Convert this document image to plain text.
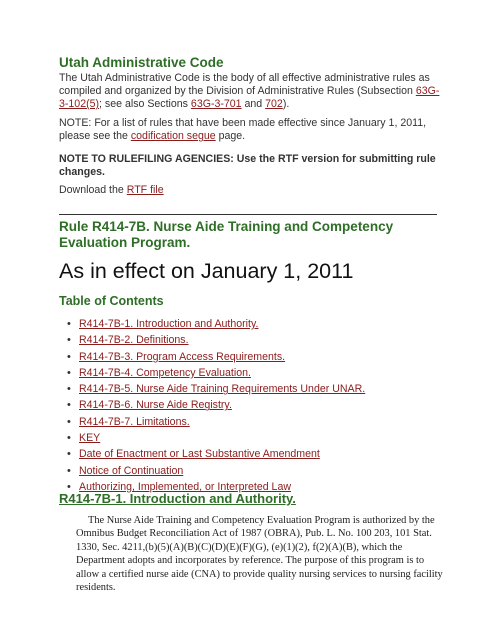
Utah Administrative Code

The Utah Administrative Code is the body of all effective administrative rules as compiled and organized by the Division of Administrative Rules (Subsection 63G-3-102(5); see also Sections 63G-3-701 and 702).

NOTE: For a list of rules that have been made effective since January 1, 2011, please see the codification segue page.

NOTE TO RULEFILING AGENCIES: Use the RTF version for submitting rule changes.

Download the RTF file

Rule R414-7B. Nurse Aide Training and Competency Evaluation Program.
As in effect on January 1, 2011
Table of Contents
• R414-7B-1. Introduction and Authority.
• R414-7B-2. Definitions.
• R414-7B-3. Program Access Requirements.
• R414-7B-4. Competency Evaluation.
• R414-7B-5. Nurse Aide Training Requirements Under UNAR.
• R414-7B-6. Nurse Aide Registry.
• R414-7B-7. Limitations.
• KEY
• Date of Enactment or Last Substantive Amendment
• Notice of Continuation
• Authorizing, Implemented, or Interpreted Law
R414-7B-1. Introduction and Authority.

The Nurse Aide Training and Competency Evaluation Program is authorized by the Omnibus Budget Reconciliation Act of 1987 (OBRA), Pub. L. No. 100 203, 101 Stat. 1330, Sec. 4211,(b)(5)(A)(B)(C)(D)(E)(F)(G), (e)(1)(2), f(2)(A)(B), which the Department adopts and incorporates by reference. The purpose of this program is to allow a certified nurse aide (CNA) to provide quality nursing services to nursing facility residents.
